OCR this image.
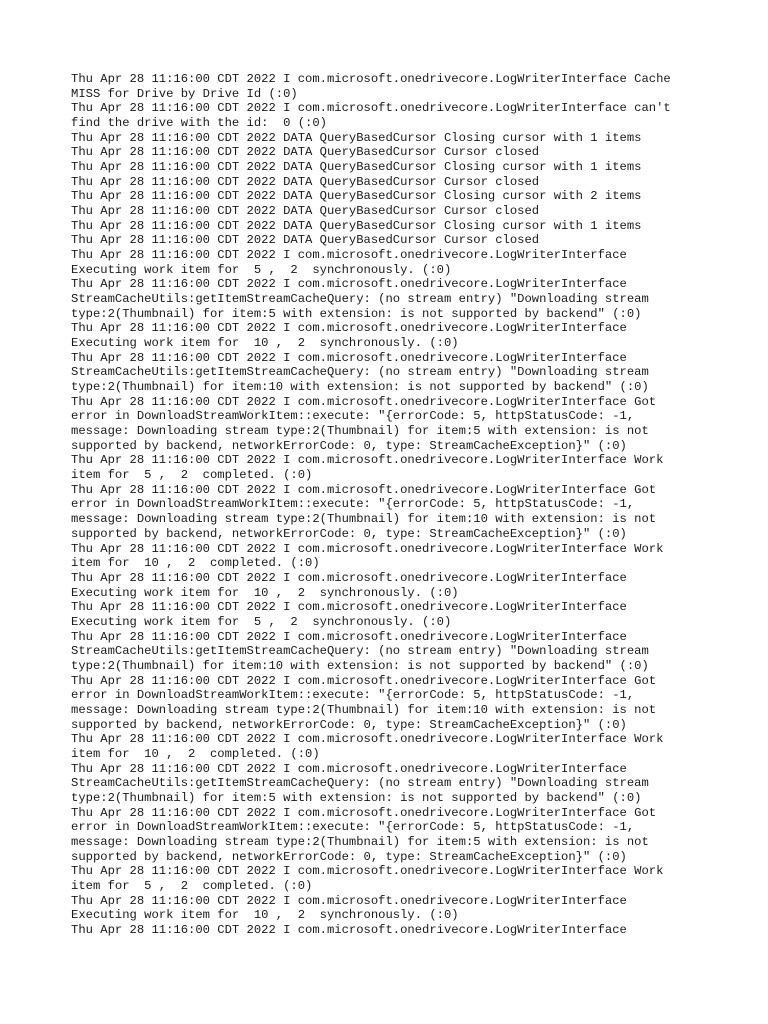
Thu Apr 28 11:16:00 CDT 2022 I com.microsoft.onedrivecore.LogWriterInterface Cache
MISS for Drive by Drive Id (:0)
Thu Apr 28 11:16:00 CDT 2022 I com.microsoft.onedrivecore.LogWriterInterface can't
find the drive with the id:  0 (:0)
Thu Apr 28 11:16:00 CDT 2022 DATA QueryBasedCursor Closing cursor with 1 items
Thu Apr 28 11:16:00 CDT 2022 DATA QueryBasedCursor Cursor closed
Thu Apr 28 11:16:00 CDT 2022 DATA QueryBasedCursor Closing cursor with 1 items
Thu Apr 28 11:16:00 CDT 2022 DATA QueryBasedCursor Cursor closed
Thu Apr 28 11:16:00 CDT 2022 DATA QueryBasedCursor Closing cursor with 2 items
Thu Apr 28 11:16:00 CDT 2022 DATA QueryBasedCursor Cursor closed
Thu Apr 28 11:16:00 CDT 2022 DATA QueryBasedCursor Closing cursor with 1 items
Thu Apr 28 11:16:00 CDT 2022 DATA QueryBasedCursor Cursor closed
Thu Apr 28 11:16:00 CDT 2022 I com.microsoft.onedrivecore.LogWriterInterface
Executing work item for  5 ,  2  synchronously. (:0)
Thu Apr 28 11:16:00 CDT 2022 I com.microsoft.onedrivecore.LogWriterInterface
StreamCacheUtils:getItemStreamCacheQuery: (no stream entry) "Downloading stream
type:2(Thumbnail) for item:5 with extension: is not supported by backend" (:0)
Thu Apr 28 11:16:00 CDT 2022 I com.microsoft.onedrivecore.LogWriterInterface
Executing work item for  10 ,  2  synchronously. (:0)
Thu Apr 28 11:16:00 CDT 2022 I com.microsoft.onedrivecore.LogWriterInterface
StreamCacheUtils:getItemStreamCacheQuery: (no stream entry) "Downloading stream
type:2(Thumbnail) for item:10 with extension: is not supported by backend" (:0)
Thu Apr 28 11:16:00 CDT 2022 I com.microsoft.onedrivecore.LogWriterInterface Got
error in DownloadStreamWorkItem::execute: "{errorCode: 5, httpStatusCode: -1,
message: Downloading stream type:2(Thumbnail) for item:5 with extension: is not
supported by backend, networkErrorCode: 0, type: StreamCacheException}" (:0)
Thu Apr 28 11:16:00 CDT 2022 I com.microsoft.onedrivecore.LogWriterInterface Work
item for  5 ,  2  completed. (:0)
Thu Apr 28 11:16:00 CDT 2022 I com.microsoft.onedrivecore.LogWriterInterface Got
error in DownloadStreamWorkItem::execute: "{errorCode: 5, httpStatusCode: -1,
message: Downloading stream type:2(Thumbnail) for item:10 with extension: is not
supported by backend, networkErrorCode: 0, type: StreamCacheException}" (:0)
Thu Apr 28 11:16:00 CDT 2022 I com.microsoft.onedrivecore.LogWriterInterface Work
item for  10 ,  2  completed. (:0)
Thu Apr 28 11:16:00 CDT 2022 I com.microsoft.onedrivecore.LogWriterInterface
Executing work item for  10 ,  2  synchronously. (:0)
Thu Apr 28 11:16:00 CDT 2022 I com.microsoft.onedrivecore.LogWriterInterface
Executing work item for  5 ,  2  synchronously. (:0)
Thu Apr 28 11:16:00 CDT 2022 I com.microsoft.onedrivecore.LogWriterInterface
StreamCacheUtils:getItemStreamCacheQuery: (no stream entry) "Downloading stream
type:2(Thumbnail) for item:10 with extension: is not supported by backend" (:0)
Thu Apr 28 11:16:00 CDT 2022 I com.microsoft.onedrivecore.LogWriterInterface Got
error in DownloadStreamWorkItem::execute: "{errorCode: 5, httpStatusCode: -1,
message: Downloading stream type:2(Thumbnail) for item:10 with extension: is not
supported by backend, networkErrorCode: 0, type: StreamCacheException}" (:0)
Thu Apr 28 11:16:00 CDT 2022 I com.microsoft.onedrivecore.LogWriterInterface Work
item for  10 ,  2  completed. (:0)
Thu Apr 28 11:16:00 CDT 2022 I com.microsoft.onedrivecore.LogWriterInterface
StreamCacheUtils:getItemStreamCacheQuery: (no stream entry) "Downloading stream
type:2(Thumbnail) for item:5 with extension: is not supported by backend" (:0)
Thu Apr 28 11:16:00 CDT 2022 I com.microsoft.onedrivecore.LogWriterInterface Got
error in DownloadStreamWorkItem::execute: "{errorCode: 5, httpStatusCode: -1,
message: Downloading stream type:2(Thumbnail) for item:5 with extension: is not
supported by backend, networkErrorCode: 0, type: StreamCacheException}" (:0)
Thu Apr 28 11:16:00 CDT 2022 I com.microsoft.onedrivecore.LogWriterInterface Work
item for  5 ,  2  completed. (:0)
Thu Apr 28 11:16:00 CDT 2022 I com.microsoft.onedrivecore.LogWriterInterface
Executing work item for  10 ,  2  synchronously. (:0)
Thu Apr 28 11:16:00 CDT 2022 I com.microsoft.onedrivecore.LogWriterInterface
